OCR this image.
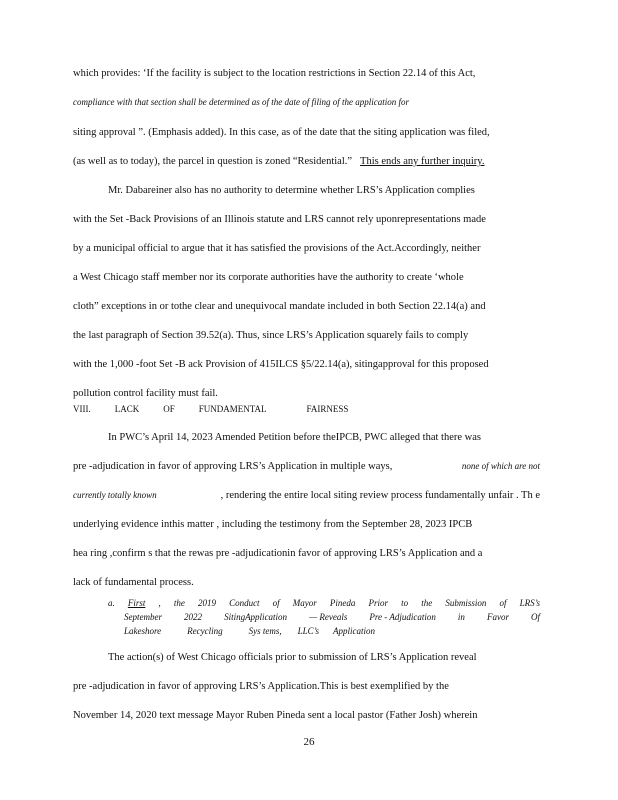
which provides: ‘If the facility is subject to the location restrictions in Section 22.14 of this Act,
compliance with that section shall be determined as of the date of filing of the application for
siting approval ”. (Emphasis added). In this case, as of the date that the siting application was filed,
(as well as to today), the parcel in question is zoned “Residential.” This ends any further inquiry.
Mr. Dabareiner also has no authority to determine whether LRS’s Application complies
with the Set -Back Provisions of an Illinois statute and LRS cannot rely uponrepresentations made
by a municipal official to argue that it has satisfied the provisions of the Act.Accordingly, neither
a West Chicago staff member nor its corporate authorities have the authority to create ‘whole
cloth” exceptions in or tothe clear and unequivocal mandate included in both Section 22.14(a) and
the last paragraph of Section 39.52(a). Thus, since LRS’s Application squarely fails to comply
with the 1,000 -foot Set -B ack Provision of 415ILCS §5/22.14(a), sitingapproval for this proposed
pollution control facility must fail.
VIII.	LACK	OF	FUNDAMENTAL	FAIRNESS
In PWC’s April 14, 2023 Amended Petition before theIPCB, PWC alleged that there was
pre -adjudication in favor of approving LRS’s Application in multiple ways,	none of which are not
currently totally known	, rendering the entire local siting review process fundamentally unfair . Th e
underlying evidence inthis matter , including the testimony from the September 28, 2023 IPCB
hea ring ,confirm s that the rewas pre -adjudicationin favor of approving LRS’s Application and a
lack of fundamental process.
a. First , the 2019 Conduct of Mayor Pineda Prior to the Submission of LRS’s
September 2022 SitingApplication — Reveals Pre - Adjudication in Favor Of
Lakeshore	Recycling	Sys tems, LLC’s Application
The action(s) of West Chicago officials prior to submission of LRS’s Application reveal
pre -adjudication in favor of approving LRS’s Application.This is best exemplified by the
November 14, 2020 text message Mayor Ruben Pineda sent a local pastor (Father Josh) wherein
26
